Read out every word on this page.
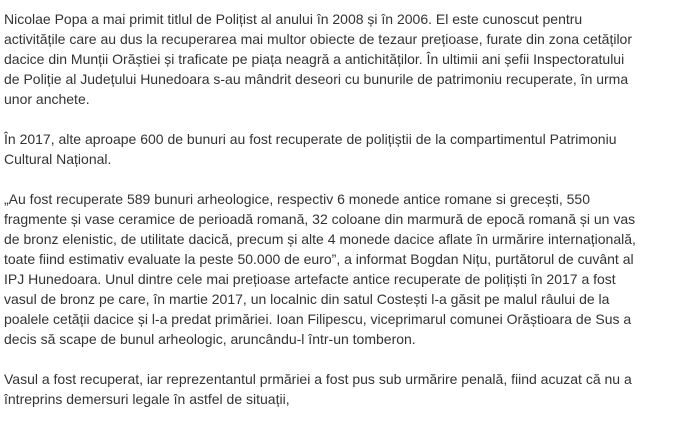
Nicolae Popa a mai primit titlul de Polițist al anului în 2008 și în 2006. El este cunoscut pentru
activitățile care au dus la recuperarea mai multor obiecte de tezaur prețioase, furate din zona cetăților
dacice din Munții Orăștiei și traficate pe piața neagră a antichităților. În ultimii ani șefii Inspectoratului
de Poliție al Județului Hunedoara s-au mândrit deseori cu bunurile de patrimoniu recuperate, în urma
unor anchete.

În 2017, alte aproape 600 de bunuri au fost recuperate de polițiștii de la compartimentul Patrimoniu
Cultural Național.

„Au fost recuperate 589 bunuri arheologice, respectiv 6 monede antice romane si grecești, 550
fragmente și vase ceramice de perioadă romană, 32 coloane din marmură de epocă romană și un vas
de bronz elenistic, de utilitate dacică, precum și alte 4 monede dacice aflate în urmărire internațională,
toate fiind estimativ evaluate la peste 50.000 de euro”, a informat Bogdan Nițu, purtătorul de cuvânt al
IPJ Hunedoara. Unul dintre cele mai prețioase artefacte antice recuperate de polițiști în 2017 a fost
vasul de bronz pe care, în martie 2017, un localnic din satul Costești l-a găsit pe malul râului de la
poalele cetății dacice și l-a predat primăriei. Ioan Filipescu, viceprimarul comunei Orăștioara de Sus a
decis să scape de bunul arheologic, aruncându-l într-un tomberon.

Vasul a fost recuperat, iar reprezentantul prmăriei a fost pus sub urmărire penală, fiind acuzat că nu a
întreprins demersuri legale în astfel de situații,
